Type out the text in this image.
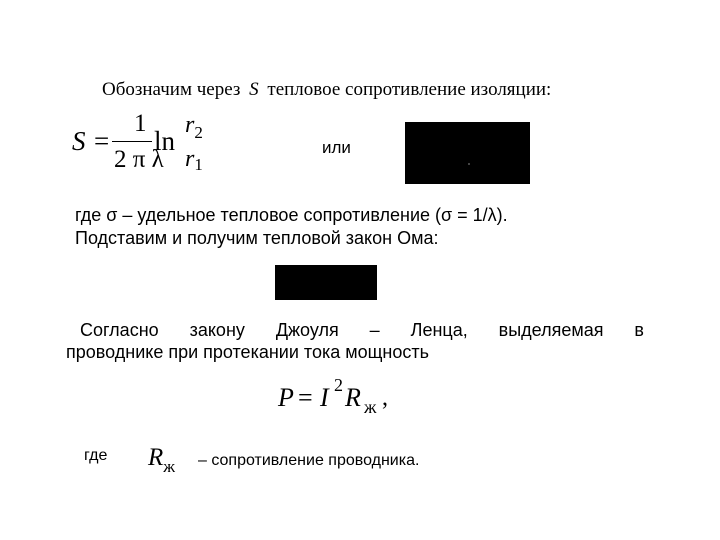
Обозначим через S тепловое сопротивление изоляции:
S =
1
2 π λ
ln
$r_2$
$r_1$
или
где σ – удельное тепловое сопротивление (σ = 1/λ).
Подставим и получим тепловой закон Ома:
Согласно закону Джоуля – Ленца, выделяемая в
проводнике при протекании тока мощность
P = I 2 R ж ,
где $R_ж$ – сопротивление проводника.
